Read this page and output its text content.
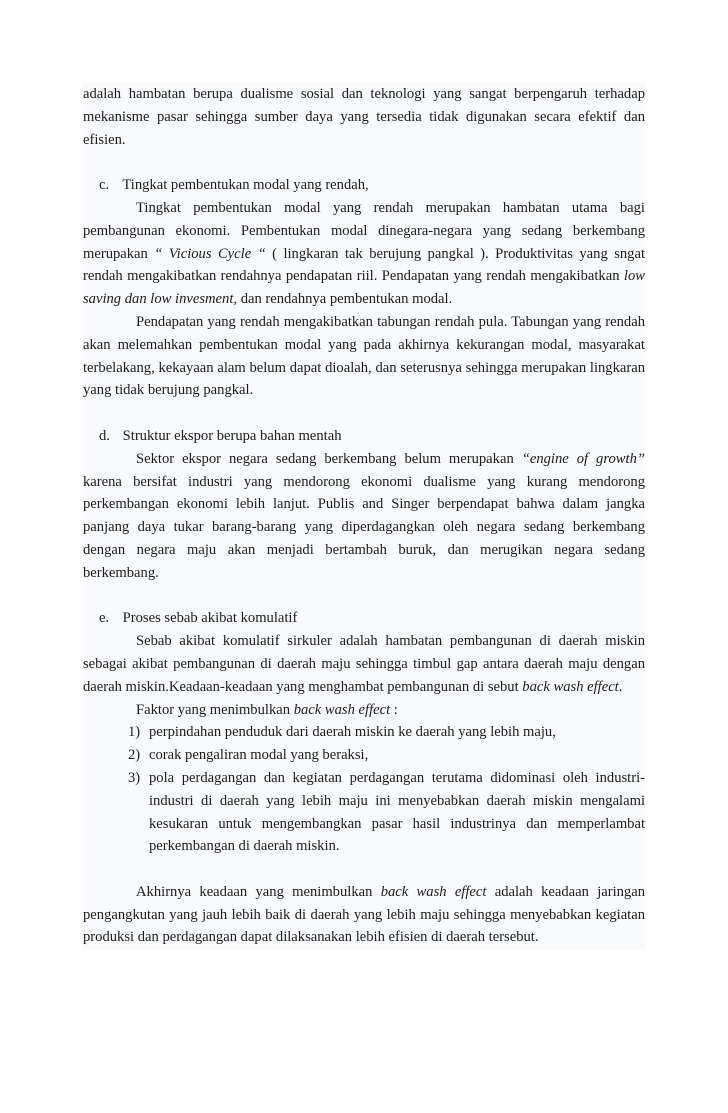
adalah hambatan berupa dualisme sosial dan teknologi yang sangat berpengaruh terhadap mekanisme pasar sehingga sumber daya yang tersedia tidak digunakan secara efektif dan efisien.

c. Tingkat pembentukan modal yang rendah,

Tingkat pembentukan modal yang rendah merupakan hambatan utama bagi pembangunan ekonomi. Pembentukan modal dinegara-negara yang sedang berkembang merupakan “ Vicious Cycle “ ( lingkaran tak berujung pangkal ). Produktivitas yang sngat rendah mengakibatkan rendahnya pendapatan riil. Pendapatan yang rendah mengakibatkan low saving dan low invesment, dan rendahnya pembentukan modal.

Pendapatan yang rendah mengakibatkan tabungan rendah pula. Tabungan yang rendah akan melemahkan pembentukan modal yang pada akhirnya kekurangan modal, masyarakat terbelakang, kekayaan alam belum dapat dioalah, dan seterusnya sehingga merupakan lingkaran yang tidak berujung pangkal.

d. Struktur ekspor berupa bahan mentah

Sektor ekspor negara sedang berkembang belum merupakan “engine of growth” karena bersifat industri yang mendorong ekonomi dualisme yang kurang mendorong perkembangan ekonomi lebih lanjut. Publis and Singer berpendapat bahwa dalam jangka panjang daya tukar barang-barang yang diperdagangkan oleh negara sedang berkembang dengan negara maju akan menjadi bertambah buruk, dan merugikan negara sedang berkembang.

e. Proses sebab akibat komulatif

Sebab akibat komulatif sirkuler adalah hambatan pembangunan di daerah miskin sebagai akibat pembangunan di daerah maju sehingga timbul gap antara daerah maju dengan daerah miskin.Keadaan-keadaan yang menghambat pembangunan di sebut back wash effect.

Faktor yang menimbulkan back wash effect :

1) perpindahan penduduk dari daerah miskin ke daerah yang lebih maju,
2) corak pengaliran modal yang beraksi,
3) pola perdagangan dan kegiatan perdagangan terutama didominasi oleh industri-industri di daerah yang lebih maju ini menyebabkan daerah miskin mengalami kesukaran untuk mengembangkan pasar hasil industrinya dan memperlambat perkembangan di daerah miskin.

Akhirnya keadaan yang menimbulkan back wash effect adalah keadaan jaringan pengangkutan yang jauh lebih baik di daerah yang lebih maju sehingga menyebabkan kegiatan produksi dan perdagangan dapat dilaksanakan lebih efisien di daerah tersebut.
